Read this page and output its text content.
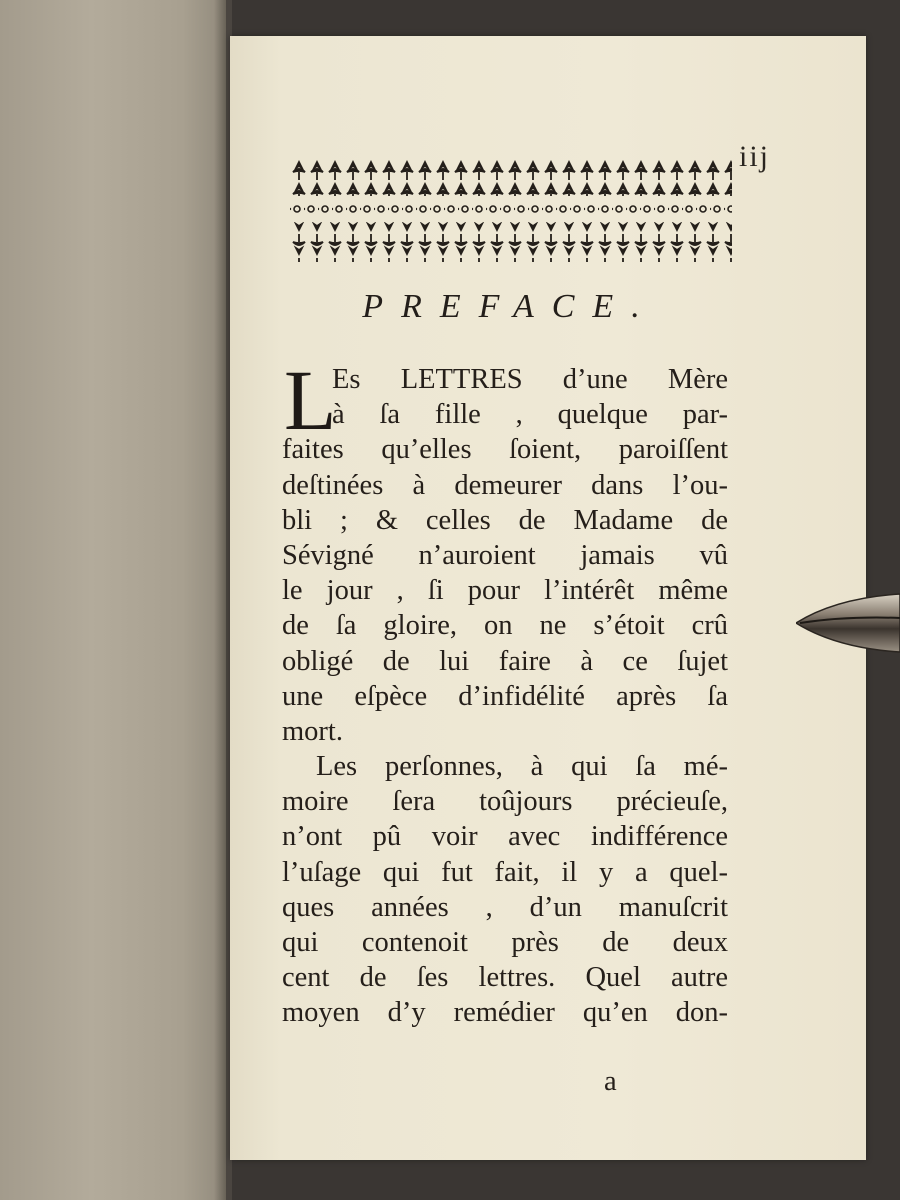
iij
PREFACE.
L
Es LETTRES d’une Mère
à ſa fille , quelque par-
faites qu’elles ſoient, paroiſſent
deſtinées à demeurer dans l’ou-
bli ; & celles de Madame de
Sévigné n’auroient jamais vû
le jour , ſi pour l’intérêt même
de ſa gloire, on ne s’étoit crû
obligé de lui faire à ce ſujet
une eſpèce d’infidélité après ſa
mort.
Les perſonnes, à qui ſa mé-
moire ſera toûjours précieuſe,
n’ont pû voir avec indifférence
l’uſage qui fut fait, il y a quel-
ques années , d’un manuſcrit
qui contenoit près de deux
cent de ſes lettres. Quel autre
moyen d’y remédier qu’en don-
a
